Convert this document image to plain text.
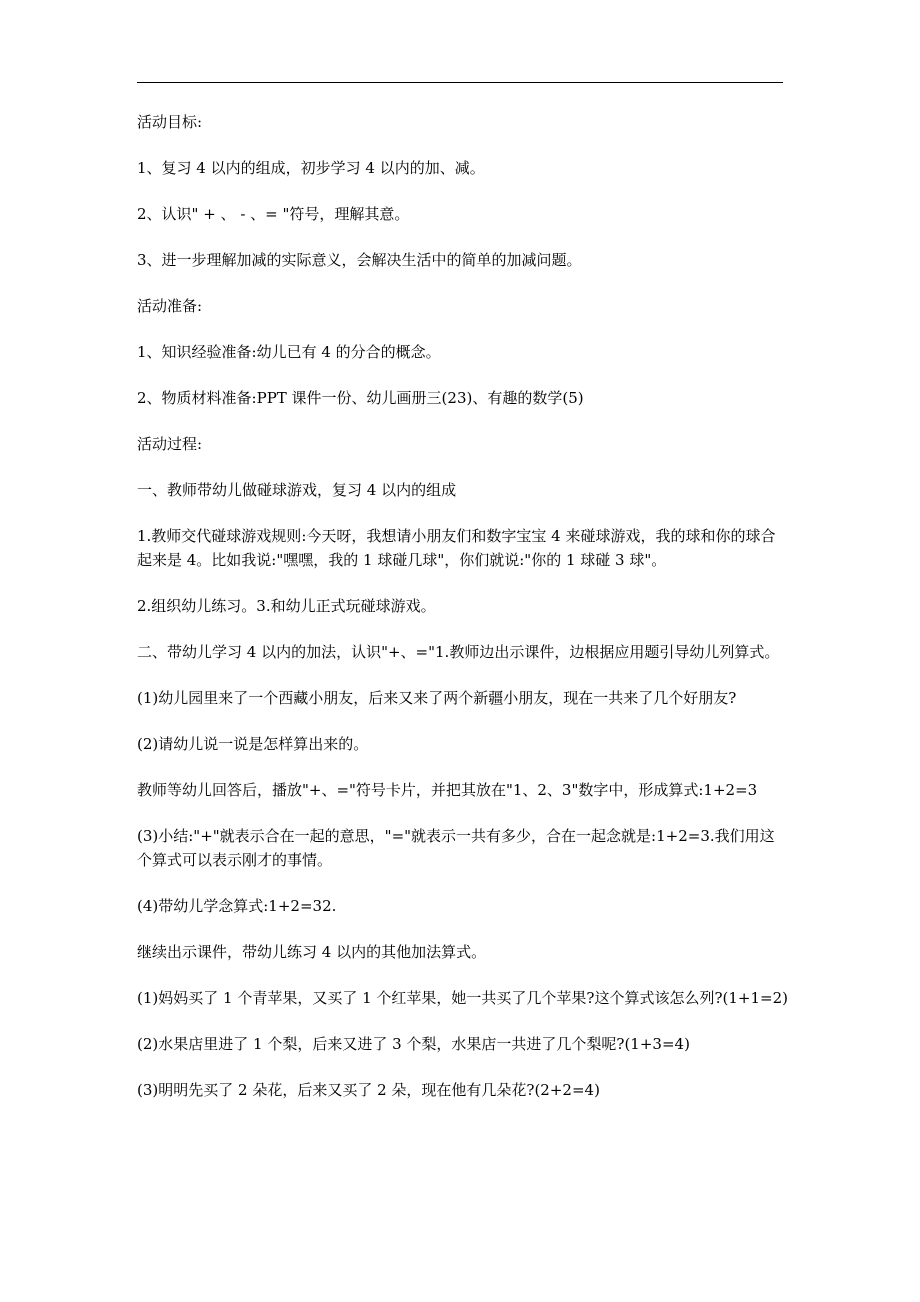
活动目标:

1、复习 4 以内的组成，初步学习 4 以内的加、减。

2、认识" + 、 - 、= "符号，理解其意。

3、进一步理解加减的实际意义，会解决生活中的简单的加减问题。

活动准备:

1、知识经验准备:幼儿已有 4 的分合的概念。

2、物质材料准备:PPT 课件一份、幼儿画册三(23)、有趣的数学(5)

活动过程:

一、教师带幼儿做碰球游戏，复习 4 以内的组成

1.教师交代碰球游戏规则:今天呀，我想请小朋友们和数字宝宝 4 来碰球游戏，我的球和你的球合起来是 4。比如我说:"嘿嘿，我的 1 球碰几球"，你们就说:"你的 1 球碰 3 球"。

2.组织幼儿练习。3.和幼儿正式玩碰球游戏。

二、带幼儿学习 4 以内的加法，认识"+、="1.教师边出示课件，边根据应用题引导幼儿列算式。

(1)幼儿园里来了一个西藏小朋友，后来又来了两个新疆小朋友，现在一共来了几个好朋友?

(2)请幼儿说一说是怎样算出来的。

教师等幼儿回答后，播放"+、="符号卡片，并把其放在"1、2、3"数字中，形成算式:1+2=3

(3)小结:"+"就表示合在一起的意思，"="就表示一共有多少，合在一起念就是:1+2=3.我们用这个算式可以表示刚才的事情。

(4)带幼儿学念算式:1+2=32.

继续出示课件，带幼儿练习 4 以内的其他加法算式。

(1)妈妈买了 1 个青苹果，又买了 1 个红苹果，她一共买了几个苹果?这个算式该怎么列?(1+1=2)

(2)水果店里进了 1 个梨，后来又进了 3 个梨，水果店一共进了几个梨呢?(1+3=4)

(3)明明先买了 2 朵花，后来又买了 2 朵，现在他有几朵花?(2+2=4)
